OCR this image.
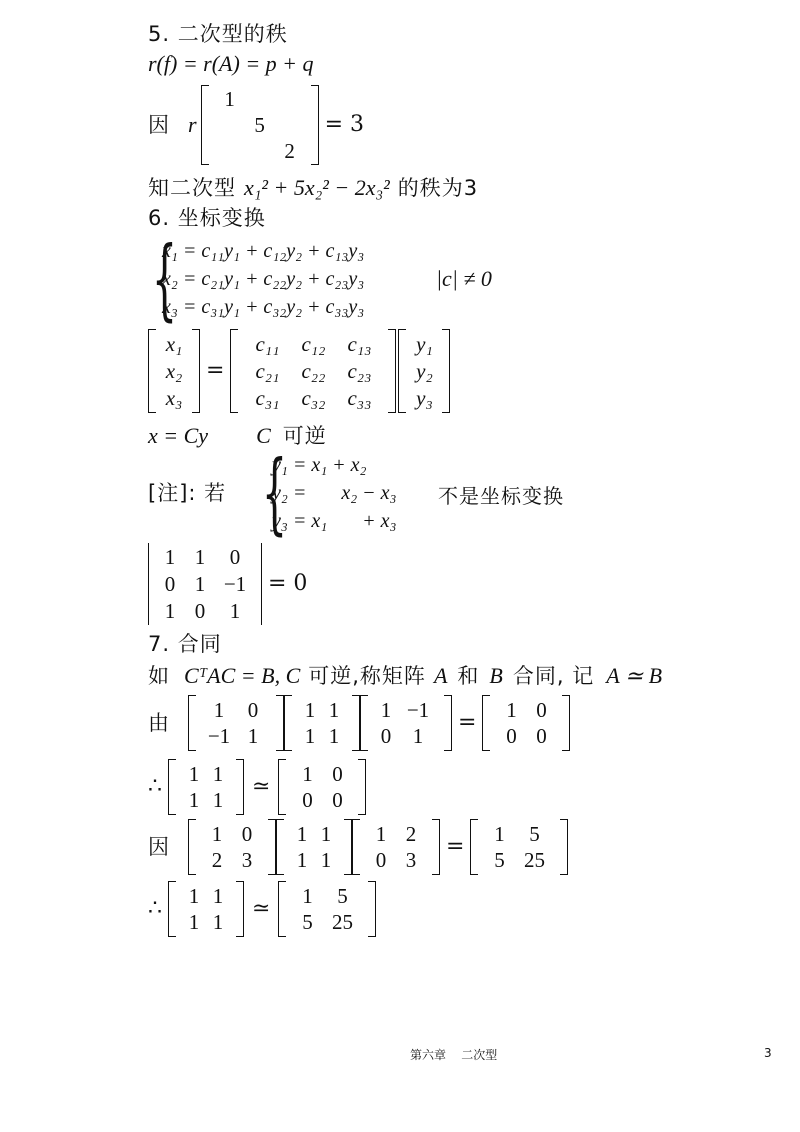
5. 二次型的秩
r(f) = r(A) = p + q
因 r
1
5
2
= 3
知二次型 x₁² + 5x₂² − 2x₃² 的秩为3
6. 坐标变换
{
x₁ = c₁₁y₁ + c₁₂y₂ + c₁₃y₃
x₂ = c₂₁y₁ + c₂₂y₂ + c₂₃y₃
x₃ = c₃₁y₁ + c₃₂y₂ + c₃₃y₃
|c| ≠ 0
x₁
x₂
x₃
=
c₁₁ c₁₂ c₁₃
c₂₁ c₂₂ c₂₃
c₃₁ c₃₂ c₃₃
y₁
y₂
y₃
x = Cy C 可逆
[注]: 若 {
y₁ = x₁ + x₂
y₂ =       x₂ − x₃
y₃ = x₁       + x₃
不是坐标变换
1 1 0
0 1 −1
1 0 1
= 0
7. 合同
如 CᵀAC = B, C 可逆,称矩阵 A 和 B 合同, 记 A ≃ B
由
1 0
−1 1
1 1
1 1
1 −1
0 1
= 1 0
0 0
∴ 1 1
1 1
≃ 1 0
0 0
因
1 0
2 3
1 1
1 1
1 2
0 3
= 1 5
5 25
∴ 1 1
1 1
≃ 1 5
5 25
第六章    二次型	3
